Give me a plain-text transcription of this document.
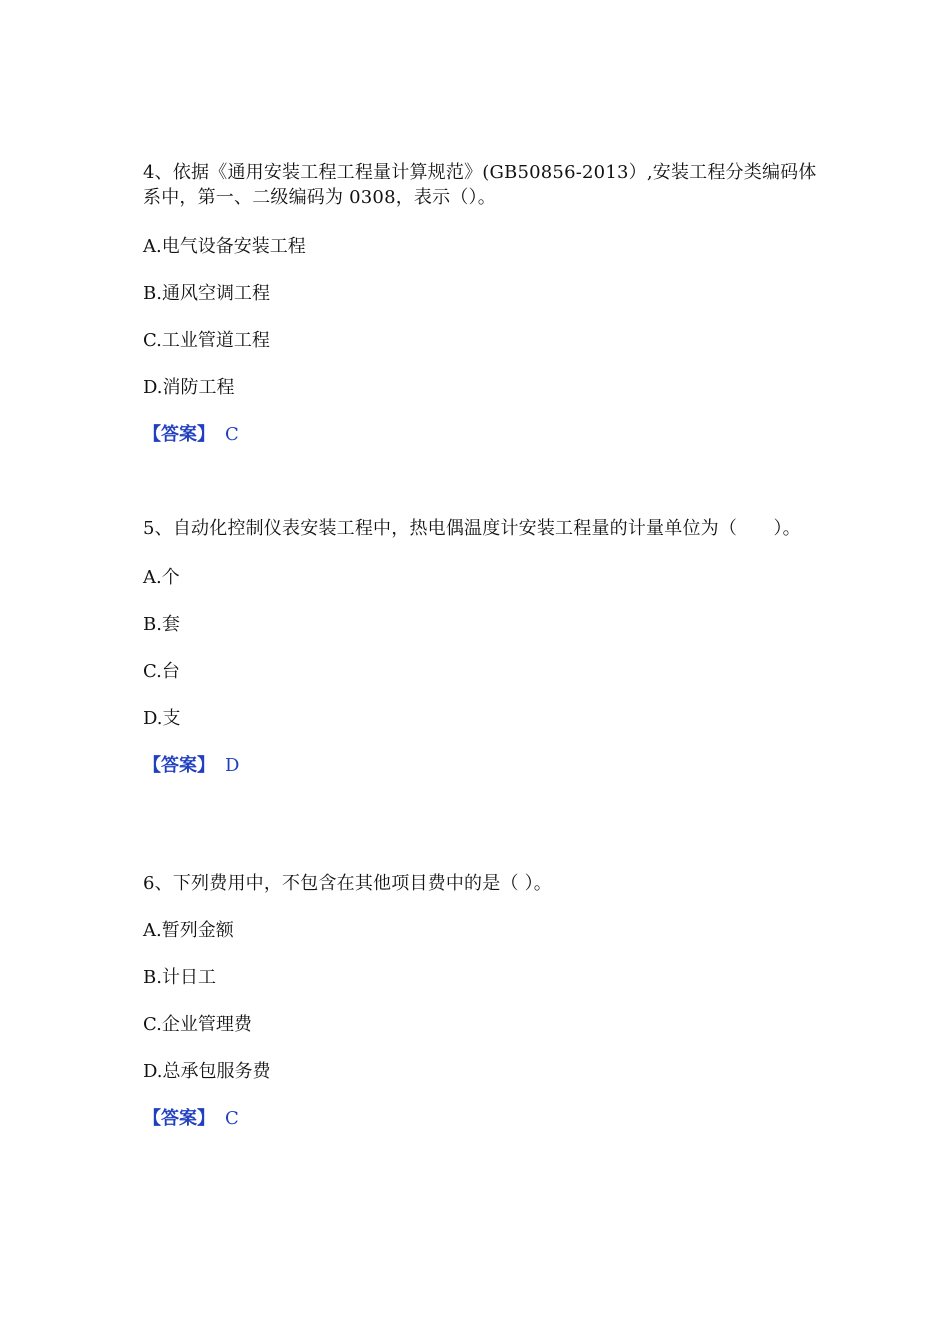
4、依据《通用安装工程工程量计算规范》(GB50856-2013）,安装工程分类编码体系中，第一、二级编码为 0308，表示（）。

A.电气设备安装工程
B.通风空调工程
C.工业管道工程
D.消防工程
【答案】 C

5、自动化控制仪表安装工程中，热电偶温度计安装工程量的计量单位为（　　）。

A.个
B.套
C.台
D.支
【答案】 D

6、下列费用中，不包含在其他项目费中的是（ ）。

A.暂列金额
B.计日工
C.企业管理费
D.总承包服务费
【答案】 C
